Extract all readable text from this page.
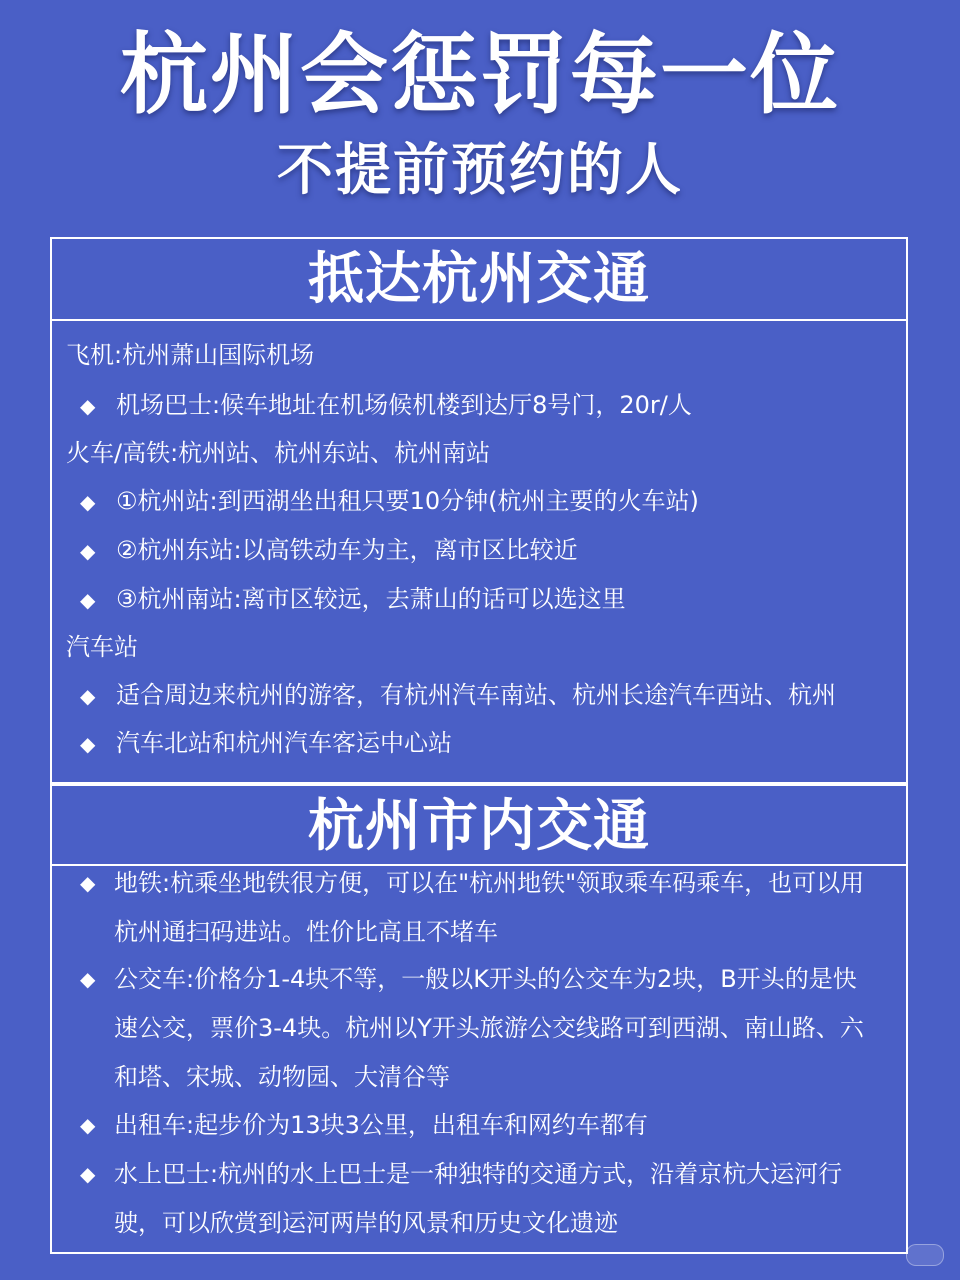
杭州会惩罚每一位
不提前预约的人
抵达杭州交通
飞机:杭州萧山国际机场
◆ 机场巴士:候车地址在机场候机楼到达厅8号门，20r/人
火车/高铁:杭州站、杭州东站、杭州南站
◆ ①杭州站:到西湖坐出租只要10分钟(杭州主要的火车站)
◆ ②杭州东站:以高铁动车为主，离市区比较近
◆ ③杭州南站:离市区较远，去萧山的话可以选这里
汽车站
◆ 适合周边来杭州的游客，有杭州汽车南站、杭州长途汽车西站、杭州
◆ 汽车北站和杭州汽车客运中心站
杭州市内交通
◆ 地铁:杭乘坐地铁很方便，可以在"杭州地铁"领取乘车码乘车，也可以用杭州通扫码进站。性价比高且不堵车
◆ 公交车:价格分1-4块不等，一般以K开头的公交车为2块，B开头的是快速公交，票价3-4块。杭州以Y开头旅游公交线路可到西湖、南山路、六和塔、宋城、动物园、大清谷等
◆ 出租车:起步价为13块3公里，出租车和网约车都有
◆ 水上巴士:杭州的水上巴士是一种独特的交通方式，沿着京杭大运河行驶，可以欣赏到运河两岸的风景和历史文化遗迹
